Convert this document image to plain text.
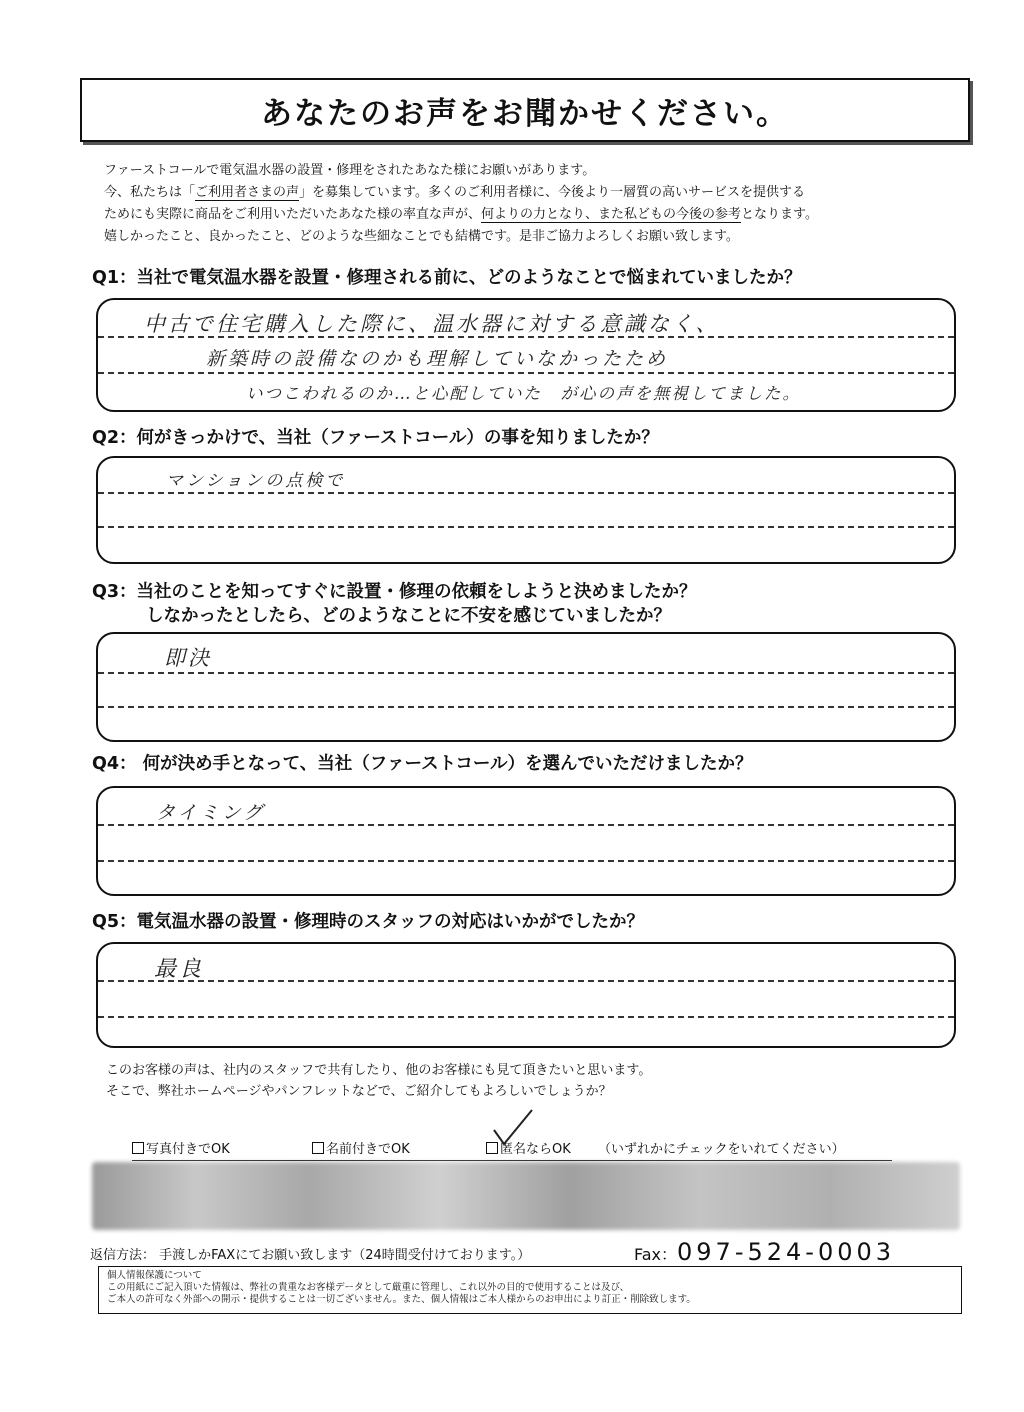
あなたのお声をお聞かせください。
ファーストコールで電気温水器の設置・修理をされたあなた様にお願いがあります。
今、私たちは「ご利用者さまの声」を募集しています。多くのご利用者様に、今後より一層質の高いサービスを提供する
ためにも実際に商品をご利用いただいたあなた様の率直な声が、何よりの力となり、また私どもの今後の参考となります。
嬉しかったこと、良かったこと、どのような些細なことでも結構です。是非ご協力よろしくお願い致します。
Q1：当社で電気温水器を設置・修理される前に、どのようなことで悩まれていましたか？
中古で住宅購入した際に、温水器に対する意識なく、
新築時の設備なのかも理解していなかったため
いつこわれるのか…と心配していた　が心の声を無視してました。
Q2：何がきっかけで、当社（ファーストコール）の事を知りましたか？
マンションの点検で
Q3：当社のことを知ってすぐに設置・修理の依頼をしようと決めましたか？
しなかったとしたら、どのようなことに不安を感じていましたか？
即決
Q4： 何が決め手となって、当社（ファーストコール）を選んでいただけましたか？
タイミング
Q5：電気温水器の設置・修理時のスタッフの対応はいかがでしたか？
最良
このお客様の声は、社内のスタッフで共有したり、他のお客様にも見て頂きたいと思います。
そこで、弊社ホームページやパンフレットなどで、ご紹介してもよろしいでしょうか？
写真付きでOK	名前付きでOK	匿名ならOK （いずれかにチェックをいれてください）
返信方法： 手渡しかFAXにてお願い致します（24時間受付けております。）	Fax：097-524-0003
個人情報保護について
この用紙にご記入頂いた情報は、弊社の貴重なお客様データとして厳重に管理し、これ以外の目的で使用することは及び、
ご本人の許可なく外部への開示・提供することは一切ございません。また、個人情報はご本人様からのお申出により訂正・削除致します。
